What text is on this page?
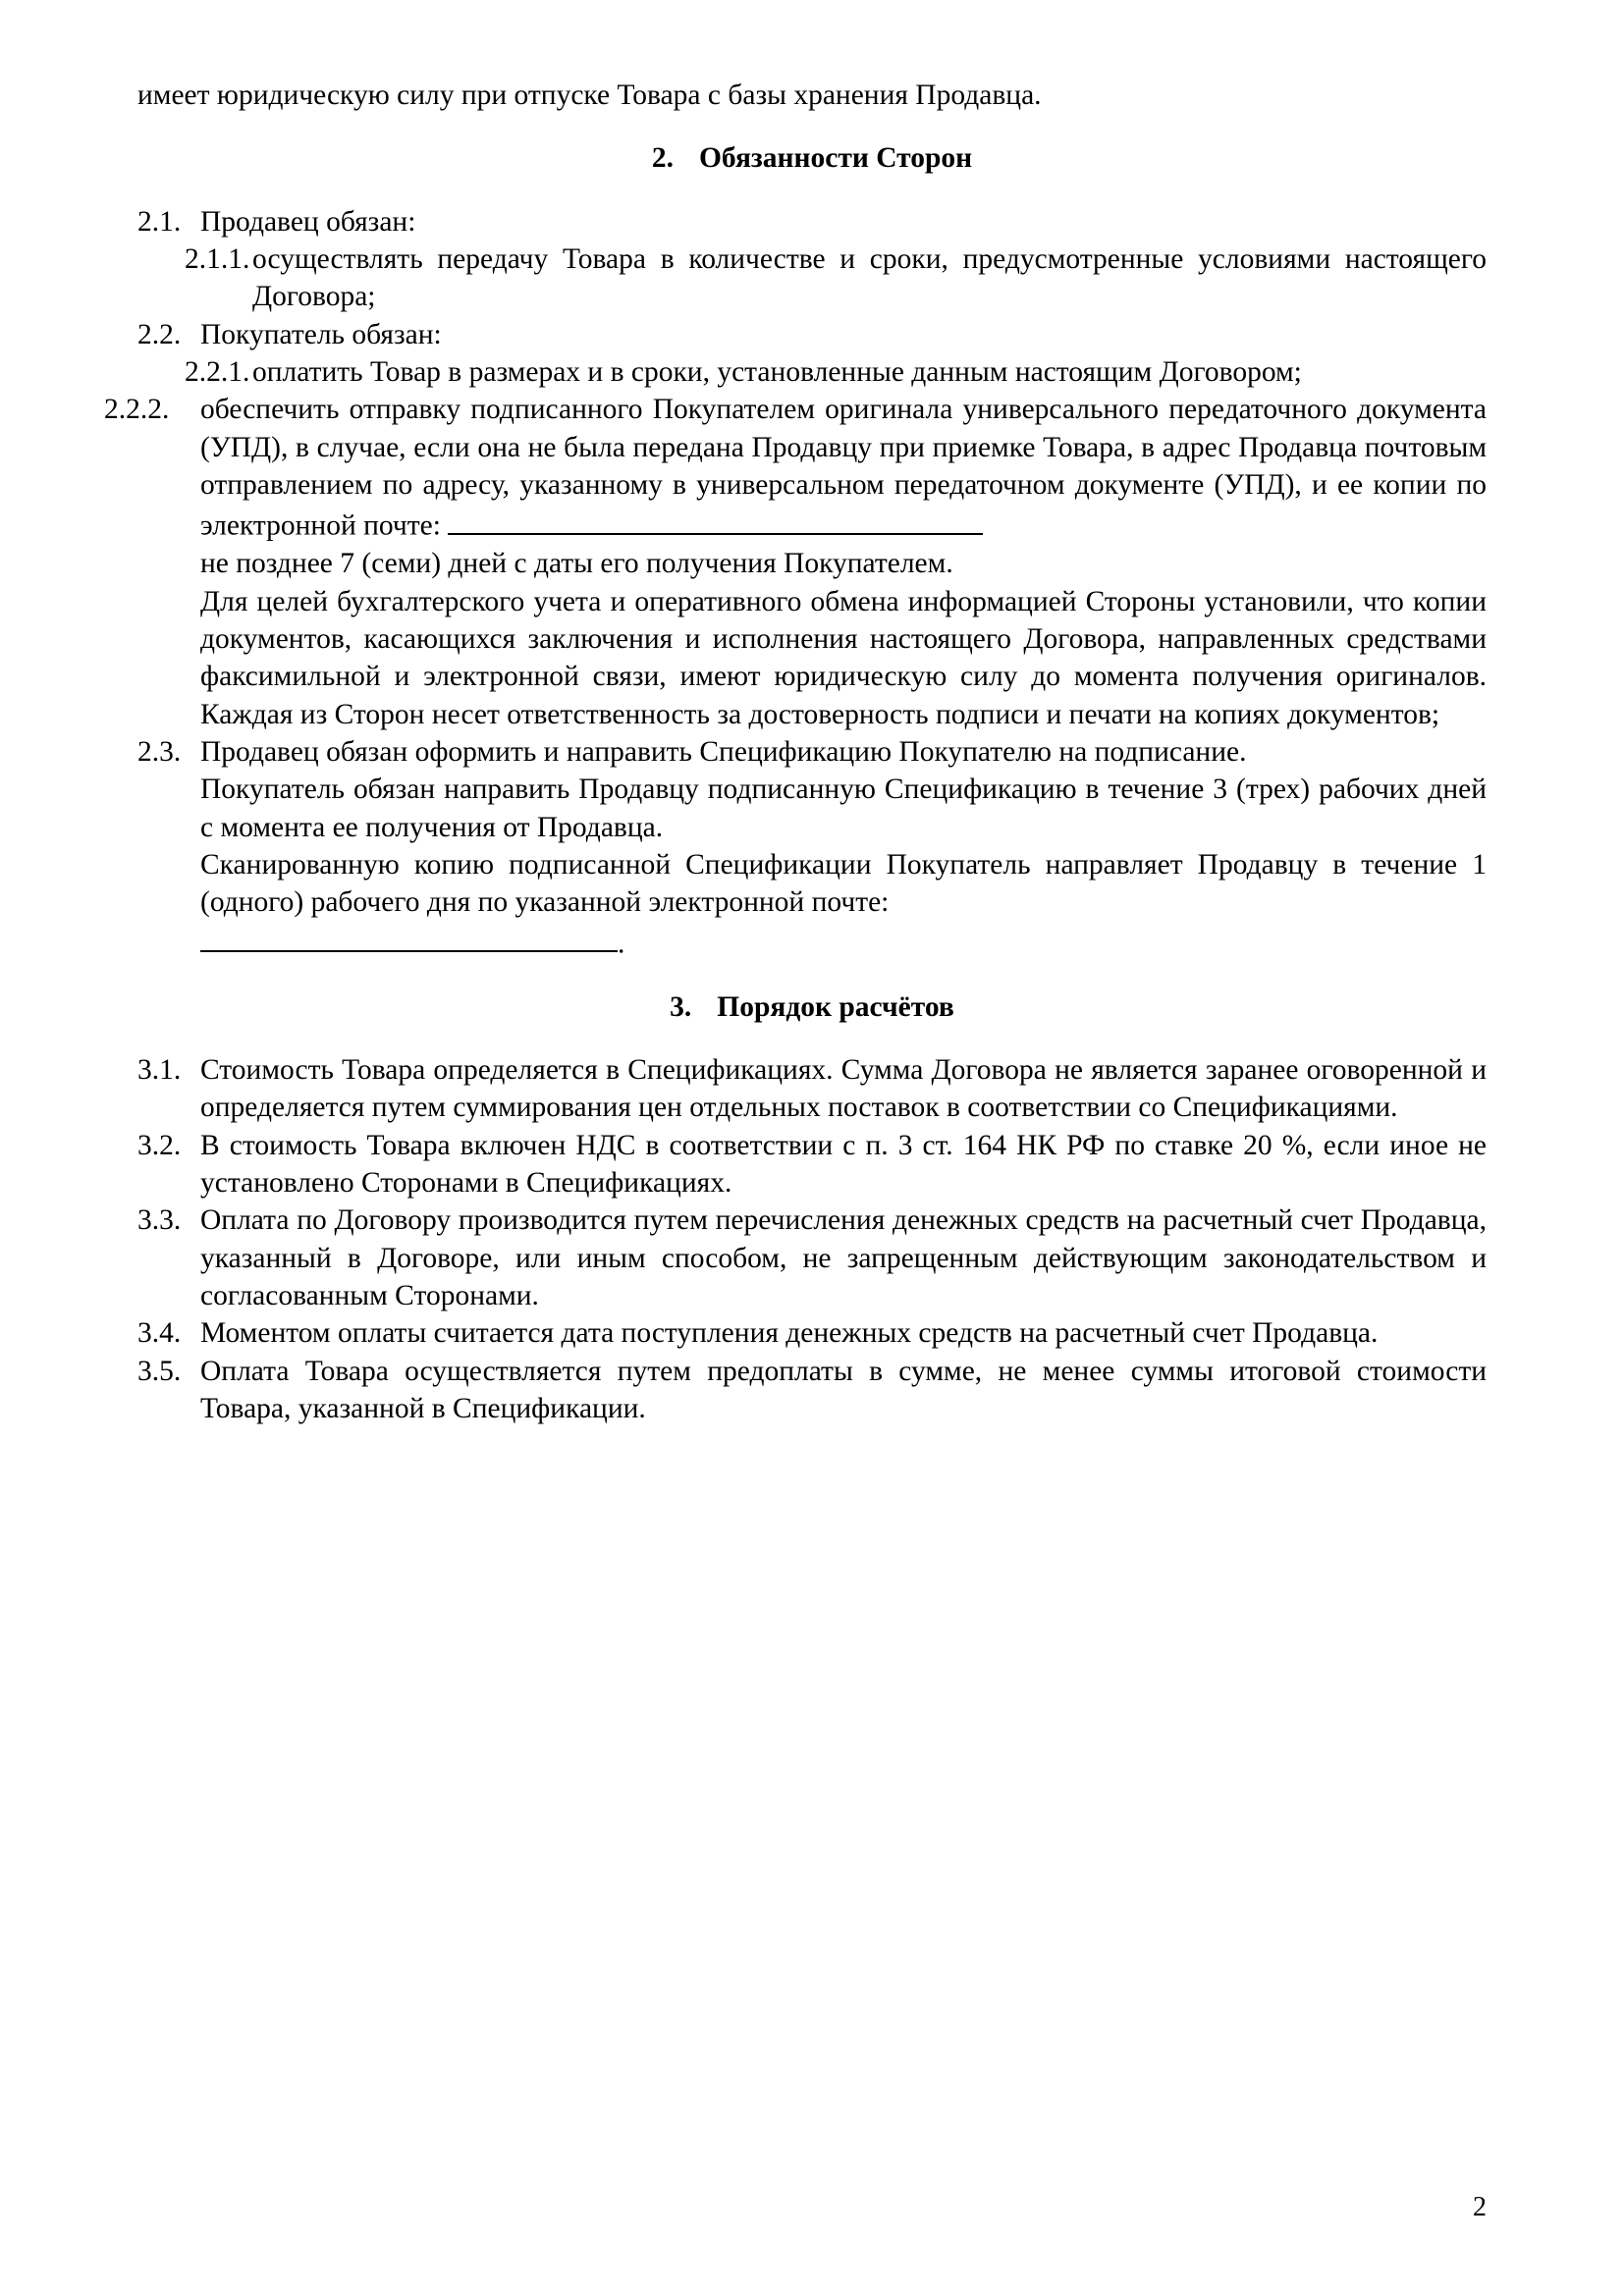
имеет юридическую силу при отпуске Товара с базы хранения Продавца.

2. Обязанности Сторон
2.1. Продавец обязан:
2.1.1. осуществлять передачу Товара в количестве и сроки, предусмотренные условиями настоящего Договора;
2.2. Покупатель обязан:
2.2.1. оплатить Товар в размерах и в сроки, установленные данным настоящим Договором;
2.2.2. обеспечить отправку подписанного Покупателем оригинала универсального передаточного документа (УПД), в случае, если она не была передана Продавцу при приемке Товара, в адрес Продавца почтовым отправлением по адресу, указанному в универсальном передаточном документе (УПД), и ее копии по электронной почте:
не позднее 7 (семи) дней с даты его получения Покупателем.
Для целей бухгалтерского учета и оперативного обмена информацией Стороны установили, что копии документов, касающихся заключения и исполнения настоящего Договора, направленных средствами факсимильной и электронной связи, имеют юридическую силу до момента получения оригиналов. Каждая из Сторон несет ответственность за достоверность подписи и печати на копиях документов;
2.3. Продавец обязан оформить и направить Спецификацию Покупателю на подписание.
Покупатель обязан направить Продавцу подписанную Спецификацию в течение 3 (трех) рабочих дней с момента ее получения от Продавца.
Сканированную копию подписанной Спецификации Покупатель направляет Продавцу в течение 1 (одного) рабочего дня по указанной электронной почте:
.
3. Порядок расчётов
3.1. Стоимость Товара определяется в Спецификациях. Сумма Договора не является заранее оговоренной и определяется путем суммирования цен отдельных поставок в соответствии со Спецификациями.
3.2. В стоимость Товара включен НДС в соответствии с п. 3 ст. 164 НК РФ по ставке 20 %, если иное не установлено Сторонами в Спецификациях.
3.3. Оплата по Договору производится путем перечисления денежных средств на расчетный счет Продавца, указанный в Договоре, или иным способом, не запрещенным действующим законодательством и согласованным Сторонами.
3.4. Моментом оплаты считается дата поступления денежных средств на расчетный счет Продавца.
3.5. Оплата Товара осуществляется путем предоплаты в сумме, не менее суммы итоговой стоимости Товара, указанной в Спецификации.
2
